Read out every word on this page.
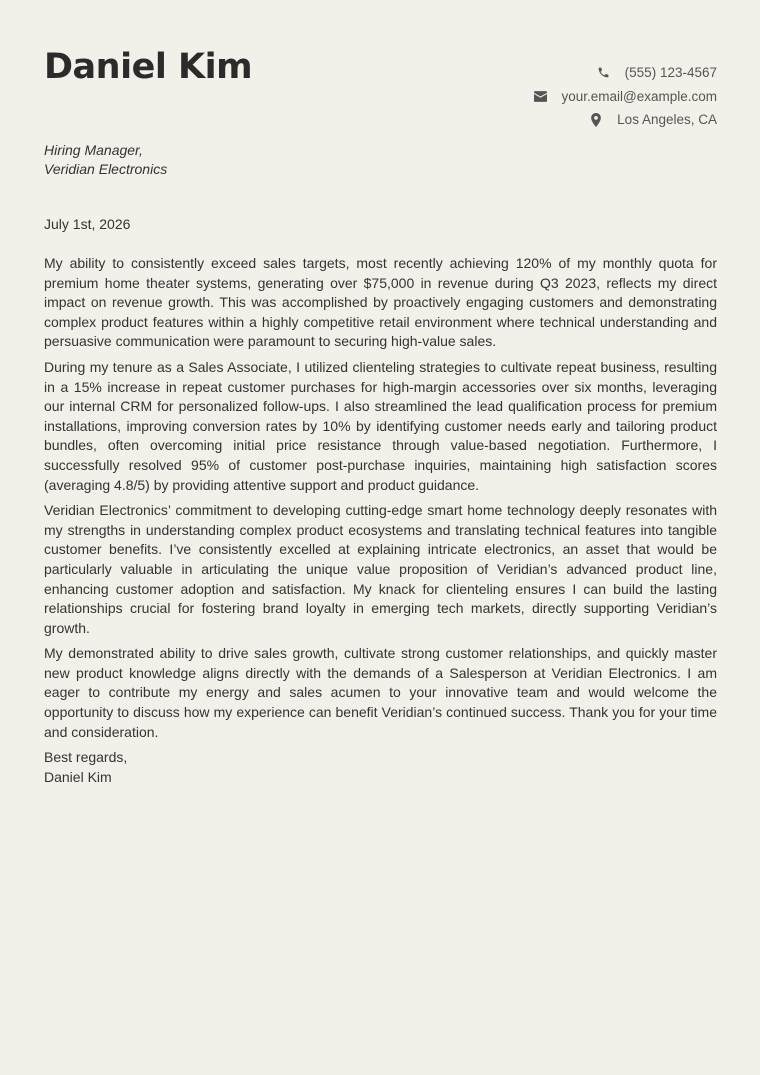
Daniel Kim	(555) 123-4567
your.email@example.com
Los Angeles, CA
Hiring Manager,
Veridian Electronics
July 1st, 2026

My ability to consistently exceed sales targets, most recently achieving 120% of my monthly quota for premium home theater systems, generating over $75,000 in revenue during Q3 2023, reflects my direct impact on revenue growth. This was accomplished by proactively engaging customers and demonstrating complex product features within a highly competitive retail environment where technical understanding and persuasive communication were paramount to securing high-value sales.

During my tenure as a Sales Associate, I utilized clienteling strategies to cultivate repeat business, resulting in a 15% increase in repeat customer purchases for high-margin accessories over six months, leveraging our internal CRM for personalized follow-ups. I also streamlined the lead qualification process for premium installations, improving conversion rates by 10% by identifying customer needs early and tailoring product bundles, often overcoming initial price resistance through value-based negotiation. Furthermore, I successfully resolved 95% of customer post-purchase inquiries, maintaining high satisfaction scores (averaging 4.8/5) by providing attentive support and product guidance.

Veridian Electronics’ commitment to developing cutting-edge smart home technology deeply resonates with my strengths in understanding complex product ecosystems and translating technical features into tangible customer benefits. I’ve consistently excelled at explaining intricate electronics, an asset that would be particularly valuable in articulating the unique value proposition of Veridian’s advanced product line, enhancing customer adoption and satisfaction. My knack for clienteling ensures I can build the lasting relationships crucial for fostering brand loyalty in emerging tech markets, directly supporting Veridian’s growth.

My demonstrated ability to drive sales growth, cultivate strong customer relationships, and quickly master new product knowledge aligns directly with the demands of a Salesperson at Veridian Electronics. I am eager to contribute my energy and sales acumen to your innovative team and would welcome the opportunity to discuss how my experience can benefit Veridian’s continued success. Thank you for your time and consideration.

Best regards,
Daniel Kim
